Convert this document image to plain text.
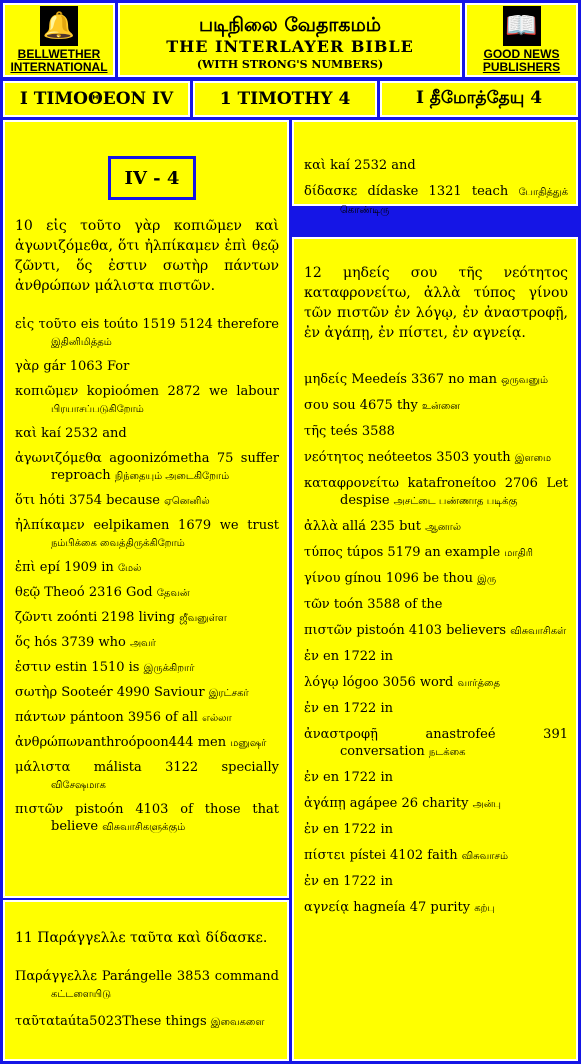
🔔
BELLWETHER INTERNATIONAL
படிநிலை வேதாகமம்
THE INTERLAYER BIBLE
(WITH STRONG'S NUMBERS)
📖
GOOD NEWS PUBLISHERS
I TIMOΘEON IV	1 TIMOTHY 4	I தீமோத்தேயு 4
IV - 4
10 εἰς τοῦτο γὰρ κοπιῶμεν καὶ ἀγωνιζόμεθα, ὅτι ἠλπίκαμεν ἐπὶ θεῷ ζῶντι, ὅς ἐστιν σωτὴρ πάντων ἀνθρώπων μάλιστα πιστῶν.

εἰς τοῦτο eis toúto 1519 5124 therefore இதினிமித்தம்

γὰρ gár 1063 For

κοπιῶμεν kopioómen 2872 we labour பிரயாசப்படுகிறோம்

καὶ kaí 2532 and

ἀγωνιζόμεθα agoonizómetha 75 suffer reproach நிந்தையும் அடைகிறோம்

ὅτι hóti 3754 because ஏனெனில்

ἠλπίκαμεν eelpikamen 1679 we trust நம்பிக்கை வைத்திருக்கிறோம்

ἐπὶ epí 1909 in மேல்

θεῷ Theoó 2316 God தேவன்

ζῶντι zoónti 2198 living ஜீவனுள்ள

ὅς hós 3739 who அவர்

ἐστιν estin 1510 is இருக்கிறார்

σωτὴρ Sooteér 4990 Saviour இரட்சகர்

πάντων pántoon 3956 of all எல்லா

ἀνθρώπωνanthroópoon444 men மனுஷர்

μάλιστα málista 3122 specially விசேஷமாக

πιστῶν pistoón 4103 of those that believe விசுவாசிகளுக்கும்

11 Παράγγελλε ταῦτα καὶ δίδασκε.

Παράγγελλε Parángelle 3853 command கட்டளையிடு

ταῦταtaúta5023These things இவைகளை

καὶ kaí 2532 and

δίδασκε dídaske 1321 teach போதித்துக் கொண்டிரு

12 μηδείς σου τῆς νεότητος καταφρονείτω, ἀλλὰ τύπος γίνου τῶν πιστῶν ἐν λόγῳ, ἐν ἀναστροφῇ, ἐν ἀγάπῃ, ἐν πίστει, ἐν αγνείᾳ.

μηδείς Meedeís 3367 no man ஒருவனும்

σου sou 4675 thy உன்னை

τῆς teés 3588

νεότητος neóteetos 3503 youth இளமை

καταφρονείτω katafroneítoo 2706 Let despise அசட்டை பண்ணாத படிக்கு

ἀλλὰ allá 235 but ஆனால்

τύπος túpos 5179 an example மாதிரி

γίνου gínou 1096 be thou இரு

τῶν toón 3588 of the

πιστῶν pistoón 4103 believers விசுவாசிகள்

ἐν en 1722 in

λόγῳ lógoo 3056 word வார்த்தை

ἐν en 1722 in

ἀναστροφῇ anastrofeé 391 conversation நடக்கை

ἐν en 1722 in

ἀγάπῃ agápee 26 charity அன்பு

ἐν en 1722 in

πίστει pístei 4102 faith விசுவாசம்

ἐν en 1722 in

αγνείᾳ hagneía 47 purity கற்பு
